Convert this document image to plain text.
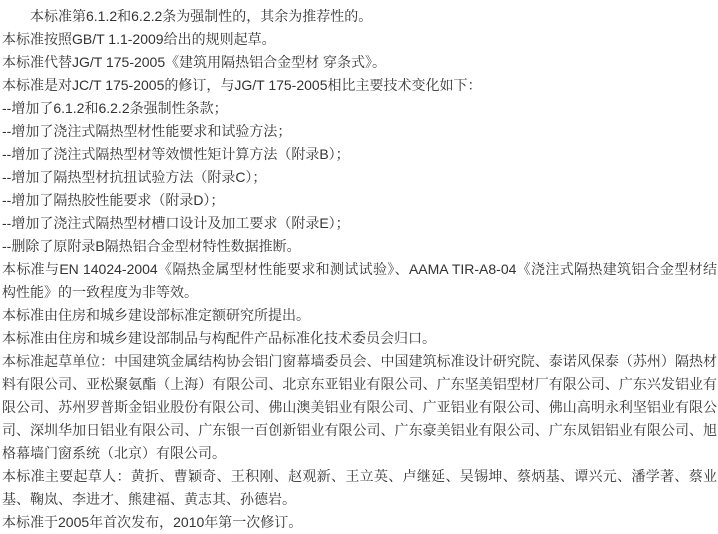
本标准第6.1.2和6.2.2条为强制性的，其余为推荐性的。

本标准按照GB/T 1.1-2009给出的规则起草。

本标准代替JG/T 175-2005《建筑用隔热铝合金型材 穿条式》。

本标准是对JC/T 175-2005的修订，与JG/T 175-2005相比主要技术变化如下：

--增加了6.1.2和6.2.2条强制性条款；

--增加了浇注式隔热型材性能要求和试验方法；

--增加了浇注式隔热型材等效惯性矩计算方法（附录B）；

--增加了隔热型材抗扭试验方法（附录C）；

--增加了隔热胶性能要求（附录D）；

--增加了浇注式隔热型材槽口设计及加工要求（附录E）；

--删除了原附录B隔热铝合金型材特性数据推断。

本标准与EN 14024-2004《隔热金属型材性能要求和测试试验》、AAMA TIR-A8-04《浇注式隔热建筑铝合金型材结构性能》的一致程度为非等效。

本标准由住房和城乡建设部标准定额研究所提出。

本标准由住房和城乡建设部制品与构配件产品标准化技术委员会归口。

本标准起草单位：中国建筑金属结构协会铝门窗幕墙委员会、中国建筑标准设计研究院、泰诺风保泰（苏州）隔热材料有限公司、亚松聚氨酯（上海）有限公司、北京东亚铝业有限公司、广东坚美铝型材厂有限公司、广东兴发铝业有限公司、苏州罗普斯金铝业股份有限公司、佛山澳美铝业有限公司、广亚铝业有限公司、佛山高明永利坚铝业有限公司、深圳华加日铝业有限公司、广东银一百创新铝业有限公司、广东豪美铝业有限公司、广东凤铝铝业有限公司、旭格幕墙门窗系统（北京）有限公司。

本标准主要起草人：黄折、曹颖奇、王积刚、赵观新、王立英、卢继延、吴锡坤、蔡炳基、谭兴元、潘学著、蔡业基、鞠岚、李进才、熊建福、黄志其、孙德岩。

本标准于2005年首次发布，2010年第一次修订。
